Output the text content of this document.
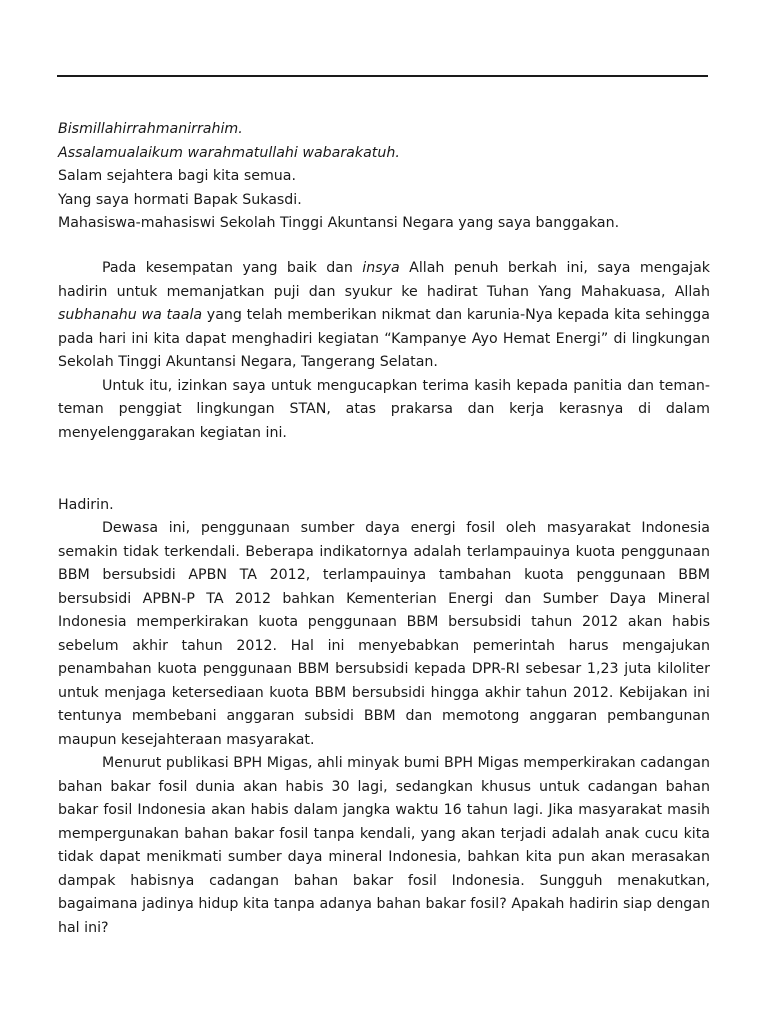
Bismillahirrahmanirrahim.
Assalamualaikum warahmatullahi wabarakatuh.
Salam sejahtera bagi kita semua.
Yang saya hormati Bapak Sukasdi.
Mahasiswa-mahasiswi Sekolah Tinggi Akuntansi Negara yang saya banggakan.

Pada kesempatan yang baik dan insya Allah penuh berkah ini, saya mengajak hadirin untuk memanjatkan puji dan syukur ke hadirat Tuhan Yang Mahakuasa, Allah subhanahu wa taala yang telah memberikan nikmat dan karunia-Nya kepada kita sehingga pada hari ini kita dapat menghadiri kegiatan “Kampanye Ayo Hemat Energi” di lingkungan Sekolah Tinggi Akuntansi Negara, Tangerang Selatan.

Untuk itu, izinkan saya untuk mengucapkan terima kasih kepada panitia dan teman-teman penggiat lingkungan STAN, atas prakarsa dan kerja kerasnya di dalam menyelenggarakan kegiatan ini.

Hadirin.

Dewasa ini, penggunaan sumber daya energi fosil oleh masyarakat Indonesia semakin tidak terkendali. Beberapa indikatornya adalah terlampauinya kuota penggunaan BBM bersubsidi APBN TA 2012, terlampauinya tambahan kuota penggunaan BBM bersubsidi APBN-P TA 2012 bahkan Kementerian Energi dan Sumber Daya Mineral Indonesia memperkirakan kuota penggunaan BBM bersubsidi tahun 2012 akan habis sebelum akhir tahun 2012. Hal ini menyebabkan pemerintah harus mengajukan penambahan kuota penggunaan BBM bersubsidi kepada DPR-RI sebesar 1,23 juta kiloliter untuk menjaga ketersediaan kuota BBM bersubsidi hingga akhir tahun 2012. Kebijakan ini tentunya membebani anggaran subsidi BBM dan memotong anggaran pembangunan maupun kesejahteraan masyarakat.

Menurut publikasi BPH Migas, ahli minyak bumi BPH Migas memperkirakan cadangan bahan bakar fosil dunia akan habis 30 lagi, sedangkan khusus untuk cadangan bahan bakar fosil Indonesia akan habis dalam jangka waktu 16 tahun lagi. Jika masyarakat masih mempergunakan bahan bakar fosil tanpa kendali, yang akan terjadi adalah anak cucu kita tidak dapat menikmati sumber daya mineral Indonesia, bahkan kita pun akan merasakan dampak habisnya cadangan bahan bakar fosil Indonesia. Sungguh menakutkan, bagaimana jadinya hidup kita tanpa adanya bahan bakar fosil? Apakah hadirin siap dengan hal ini?
